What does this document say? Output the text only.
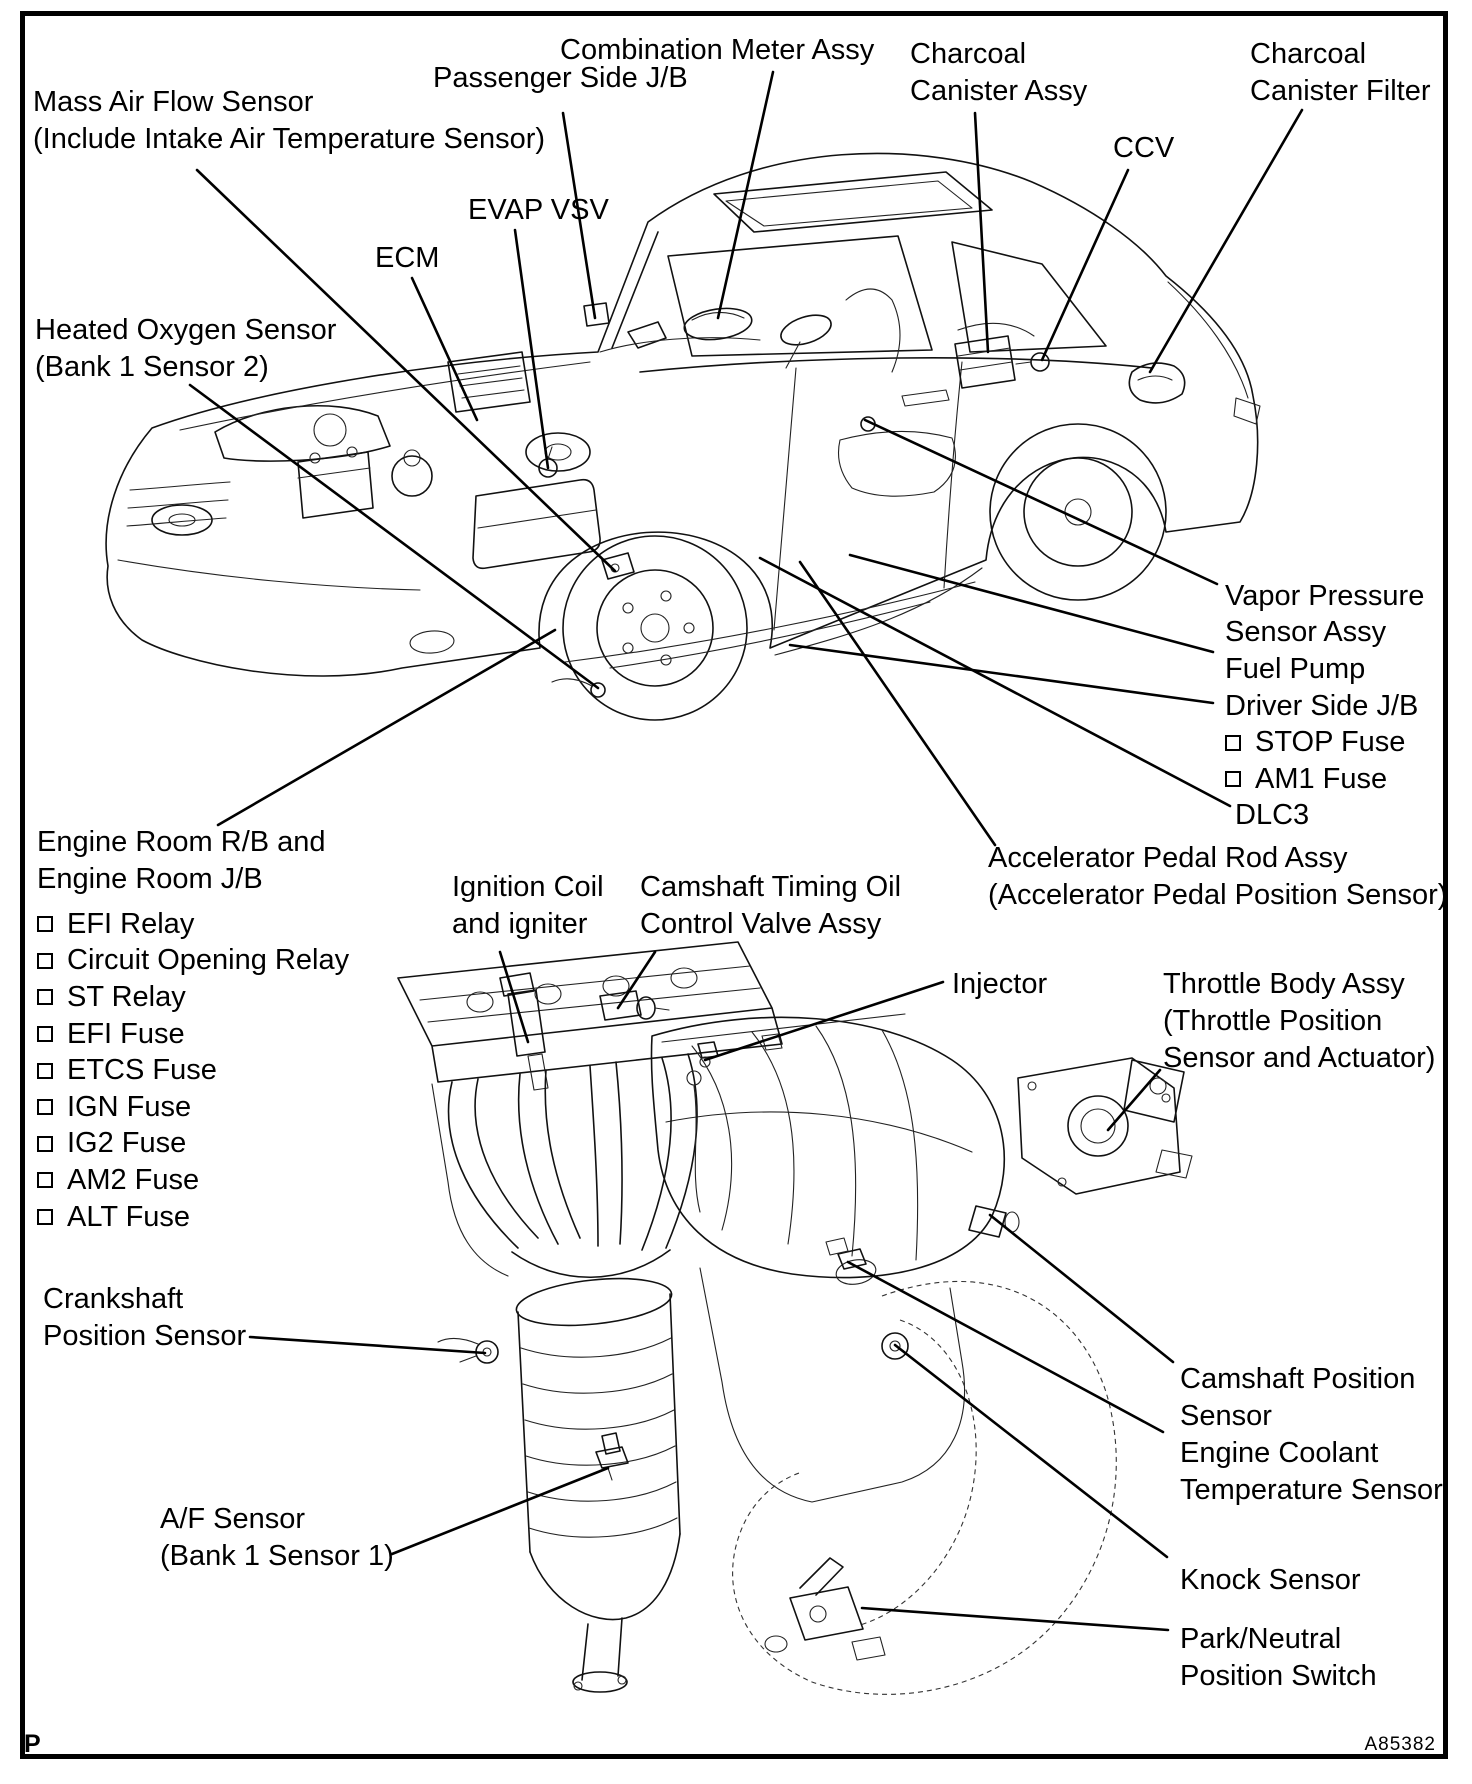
Mass Air Flow Sensor
(Include Intake Air Temperature Sensor)
Combination Meter Assy
Passenger Side J/B
Charcoal
Canister Assy
Charcoal
Canister Filter
CCV
EVAP VSV
ECM
Heated Oxygen Sensor
(Bank 1 Sensor 2)
Vapor Pressure
Sensor Assy
Fuel Pump
Driver Side J/B
STOP Fuse
AM1 Fuse
DLC3
Accelerator Pedal Rod Assy
(Accelerator Pedal Position Sensor)
Engine Room R/B and
Engine Room J/B
EFI Relay
Circuit Opening Relay
ST Relay
EFI Fuse
ETCS Fuse
IGN Fuse
IG2 Fuse
AM2 Fuse
ALT Fuse
Ignition Coil
and igniter
Camshaft Timing Oil
Control Valve Assy
Injector	Throttle Body Assy
(Throttle Position
Sensor and Actuator)
Crankshaft
Position Sensor
A/F Sensor
(Bank 1 Sensor 1)
Camshaft Position
Sensor
Engine Coolant
Temperature Sensor
Knock Sensor
Park/Neutral
Position Switch
A85382
P
